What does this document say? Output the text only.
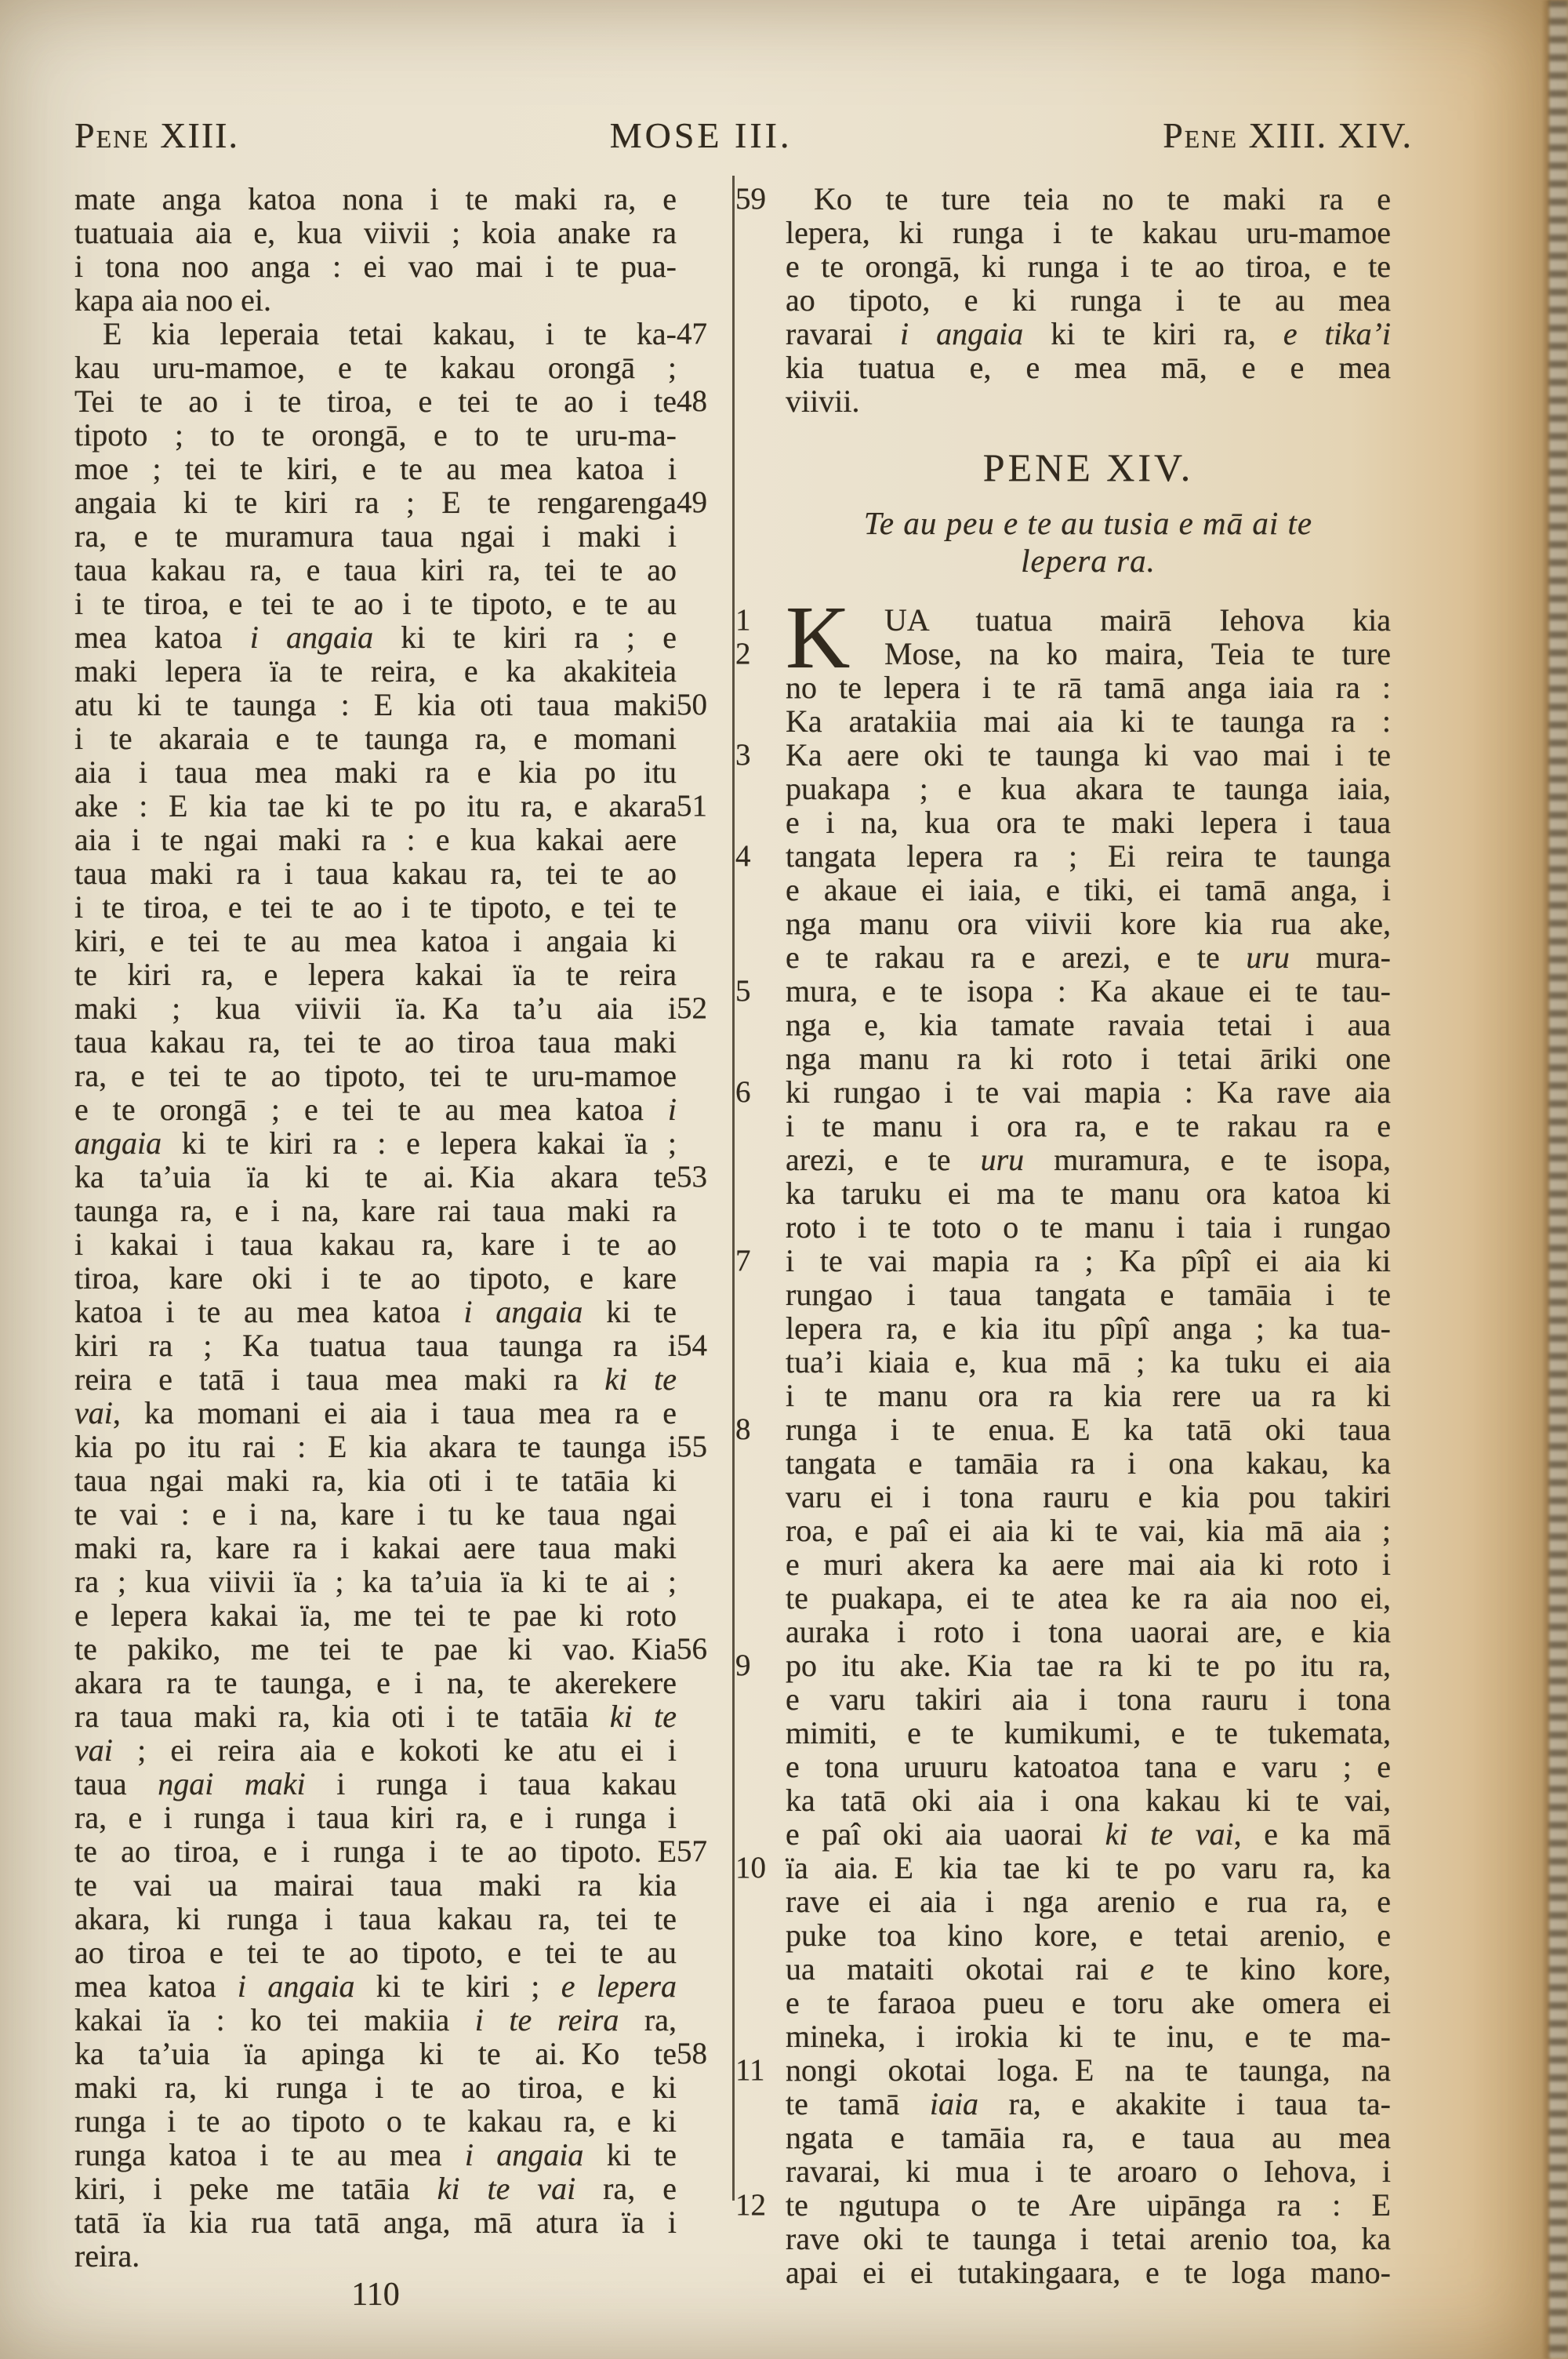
Pene XIII.	MOSE III.	Pene XIII. XIV.
mate anga katoa nona i te maki ra, e
tuatuaia aia e, kua viivii ; koia anake ra
i tona noo anga : ei vao mai i te pua-
kapa aia noo ei.
E kia leperaia tetai kakau, i te ka- 47
kau uru-mamoe, e te kakau orongā ;
Tei te ao i te tiroa, e tei te ao i te 48
tipoto ; to te orongā, e to te uru-ma-
moe ; tei te kiri, e te au mea katoa i
angaia ki te kiri ra ; E te rengarenga 49
ra, e te muramura taua ngai i maki i
taua kakau ra, e taua kiri ra, tei te ao
i te tiroa, e tei te ao i te tipoto, e te au
mea katoa i angaia ki te kiri ra ; e
maki lepera ïa te reira, e ka akakiteia
atu ki te taunga : E kia oti taua maki 50
i te akaraia e te taunga ra, e momani
aia i taua mea maki ra e kia po itu
ake : E kia tae ki te po itu ra, e akara 51
aia i te ngai maki ra : e kua kakai aere
taua maki ra i taua kakau ra, tei te ao
i te tiroa, e tei te ao i te tipoto, e tei te
kiri, e tei te au mea katoa i angaia ki
te kiri ra, e lepera kakai ïa te reira
maki ; kua viivii ïa. Ka ta’u aia i 52
taua kakau ra, tei te ao tiroa taua maki
ra, e tei te ao tipoto, tei te uru-mamoe
e te orongā ; e tei te au mea katoa i
angaia ki te kiri ra : e lepera kakai ïa ;
ka ta’uia ïa ki te ai. Kia akara te 53
taunga ra, e i na, kare rai taua maki ra
i kakai i taua kakau ra, kare i te ao
tiroa, kare oki i te ao tipoto, e kare
katoa i te au mea katoa i angaia ki te
kiri ra ; Ka tuatua taua taunga ra i 54
reira e tatā i taua mea maki ra ki te
vai, ka momani ei aia i taua mea ra e
kia po itu rai : E kia akara te taunga i 55
taua ngai maki ra, kia oti i te tatāia ki
te vai : e i na, kare i tu ke taua ngai
maki ra, kare ra i kakai aere taua maki
ra ; kua viivii ïa ; ka ta’uia ïa ki te ai ;
e lepera kakai ïa, me tei te pae ki roto
te pakiko, me tei te pae ki vao. Kia 56
akara ra te taunga, e i na, te akerekere
ra taua maki ra, kia oti i te tatāia ki te
vai ; ei reira aia e kokoti ke atu ei i
taua ngai maki i runga i taua kakau
ra, e i runga i taua kiri ra, e i runga i
te ao tiroa, e i runga i te ao tipoto. E 57
te vai ua mairai taua maki ra kia
akara, ki runga i taua kakau ra, tei te
ao tiroa e tei te ao tipoto, e tei te au
mea katoa i angaia ki te kiri ; e lepera
kakai ïa : ko tei makiia i te reira ra,
ka ta’uia ïa apinga ki te ai. Ko te 58
maki ra, ki runga i te ao tiroa, e ki
runga i te ao tipoto o te kakau ra, e ki
runga katoa i te au mea i angaia ki te
kiri, i peke me tatāia ki te vai ra, e
tatā ïa kia rua tatā anga, mā atura ïa i
reira.
Ko te ture teia no te maki ra e
59
lepera, ki runga i te kakau uru-mamoe
e te orongā, ki runga i te ao tiroa, e te
ao tipoto, e ki runga i te au mea
ravarai i angaia ki te kiri ra, e tika’i
kia tuatua e, e mea mā, e e mea
viivii.
PENE XIV.
Te au peu e te au tusia e mā ai te
lepera ra.
UA tuatua mairā Iehova kia
K
1
Mose, na ko maira, Teia te ture
2
no te lepera i te rā tamā anga iaia ra :
Ka aratakiia mai aia ki te taunga ra :
Ka aere oki te taunga ki vao mai i te
3
puakapa ; e kua akara te taunga iaia,
e i na, kua ora te maki lepera i taua
tangata lepera ra ; Ei reira te taunga
4
e akaue ei iaia, e tiki, ei tamā anga, i
nga manu ora viivii kore kia rua ake,
e te rakau ra e arezi, e te uru mura-
mura, e te isopa : Ka akaue ei te tau-
5
nga e, kia tamate ravaia tetai i aua
nga manu ra ki roto i tetai āriki one
ki rungao i te vai mapia : Ka rave aia
6
i te manu i ora ra, e te rakau ra e
arezi, e te uru muramura, e te isopa,
ka taruku ei ma te manu ora katoa ki
roto i te toto o te manu i taia i rungao
i te vai mapia ra ; Ka pîpî ei aia ki
7
rungao i taua tangata e tamāia i te
lepera ra, e kia itu pîpî anga ; ka tua-
tua’i kiaia e, kua mā ; ka tuku ei aia
i te manu ora ra kia rere ua ra ki
runga i te enua. E ka tatā oki taua
8
tangata e tamāia ra i ona kakau, ka
varu ei i tona rauru e kia pou takiri
roa, e paî ei aia ki te vai, kia mā aia ;
e muri akera ka aere mai aia ki roto i
te puakapa, ei te atea ke ra aia noo ei,
auraka i roto i tona uaorai are, e kia
po itu ake. Kia tae ra ki te po itu ra,
9
e varu takiri aia i tona rauru i tona
mimiti, e te kumikumi, e te tukemata,
e tona uruuru katoatoa tana e varu ; e
ka tatā oki aia i ona kakau ki te vai,
e paî oki aia uaorai ki te vai, e ka mā
ïa aia. E kia tae ki te po varu ra, ka
10
rave ei aia i nga arenio e rua ra, e
puke toa kino kore, e tetai arenio, e
ua mataiti okotai rai e te kino kore,
e te faraoa pueu e toru ake omera ei
mineka, i irokia ki te inu, e te ma-
nongi okotai loga. E na te taunga, na
11
te tamā iaia ra, e akakite i taua ta-
ngata e tamāia ra, e taua au mea
ravarai, ki mua i te aroaro o Iehova, i
te ngutupa o te Are uipānga ra : E
12
rave oki te taunga i tetai arenio toa, ka
apai ei ei tutakingaara, e te loga mano-
110
